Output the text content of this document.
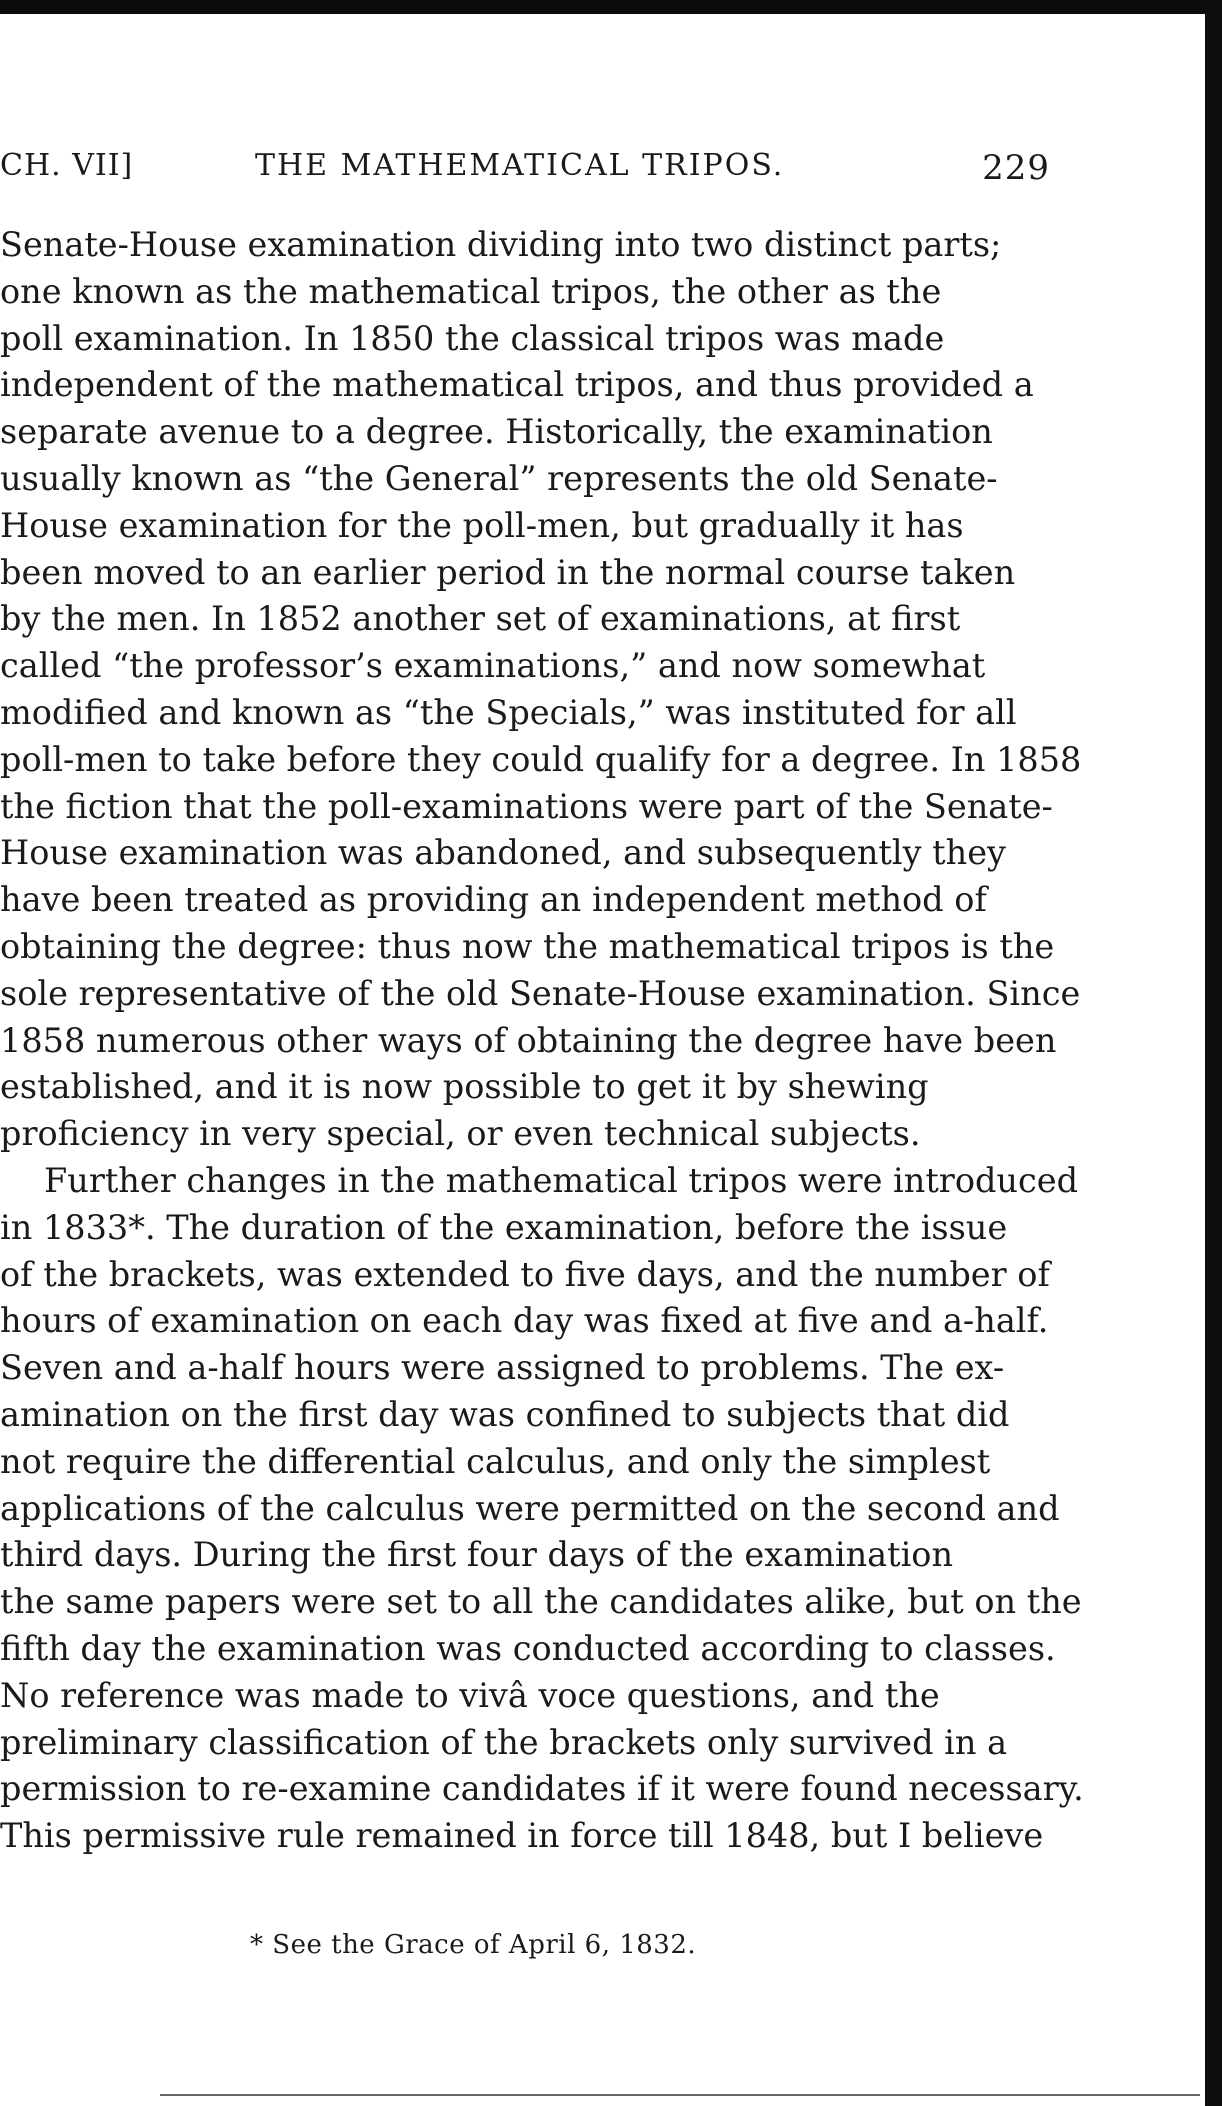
CH. VII]	THE MATHEMATICAL TRIPOS.	229
Senate-House examination dividing into two distinct parts;
one known as the mathematical tripos, the other as the
poll examination. In 1850 the classical tripos was made
independent of the mathematical tripos, and thus provided a
separate avenue to a degree. Historically, the examination
usually known as “the General” represents the old Senate-
House examination for the poll-men, but gradually it has
been moved to an earlier period in the normal course taken
by the men. In 1852 another set of examinations, at first
called “the professor’s examinations,” and now somewhat
modified and known as “the Specials,” was instituted for all
poll-men to take before they could qualify for a degree. In 1858
the fiction that the poll-examinations were part of the Senate-
House examination was abandoned, and subsequently they
have been treated as providing an independent method of
obtaining the degree: thus now the mathematical tripos is the
sole representative of the old Senate-House examination. Since
1858 numerous other ways of obtaining the degree have been
established, and it is now possible to get it by shewing
proficiency in very special, or even technical subjects.
Further changes in the mathematical tripos were introduced
in 1833*. The duration of the examination, before the issue
of the brackets, was extended to five days, and the number of
hours of examination on each day was fixed at five and a-half.
Seven and a-half hours were assigned to problems. The ex-
amination on the first day was confined to subjects that did
not require the differential calculus, and only the simplest
applications of the calculus were permitted on the second and
third days. During the first four days of the examination
the same papers were set to all the candidates alike, but on the
fifth day the examination was conducted according to classes.
No reference was made to vivâ voce questions, and the
preliminary classification of the brackets only survived in a
permission to re-examine candidates if it were found necessary.
This permissive rule remained in force till 1848, but I believe
* See the Grace of April 6, 1832.
